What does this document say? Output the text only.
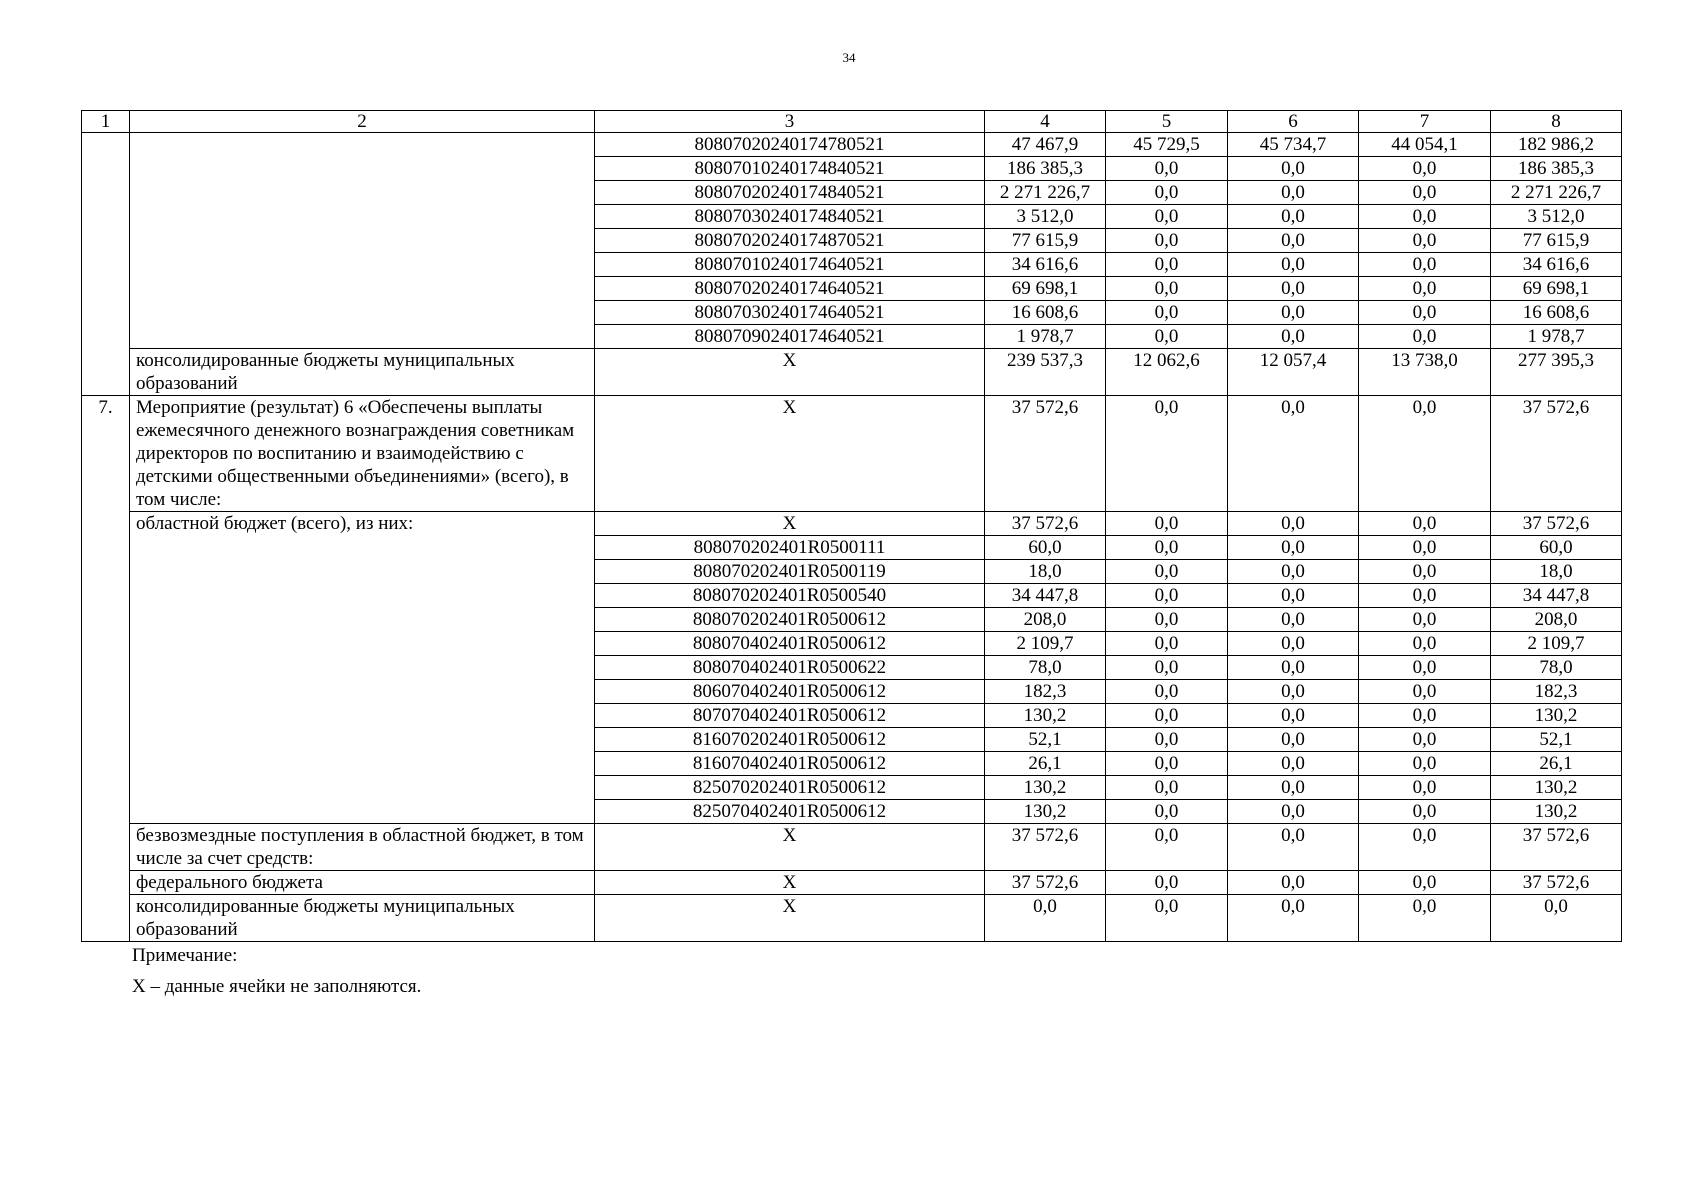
34
1	2	3	4	5	6	7	8
		80807020240174780521	47 467,9	45 729,5	45 734,7	44 054,1	182 986,2
		80807010240174840521	186 385,3	0,0	0,0	0,0	186 385,3
		80807020240174840521	2 271 226,7	0,0	0,0	0,0	2 271 226,7
		80807030240174840521	3 512,0	0,0	0,0	0,0	3 512,0
		80807020240174870521	77 615,9	0,0	0,0	0,0	77 615,9
		80807010240174640521	34 616,6	0,0	0,0	0,0	34 616,6
		80807020240174640521	69 698,1	0,0	0,0	0,0	69 698,1
		80807030240174640521	16 608,6	0,0	0,0	0,0	16 608,6
		80807090240174640521	1 978,7	0,0	0,0	0,0	1 978,7
	консолидированные бюджеты муниципальных образований	X	239 537,3	12 062,6	12 057,4	13 738,0	277 395,3
7.	Мероприятие (результат) 6 «Обеспечены выплаты ежемесячного денежного вознаграждения советникам директоров по воспитанию и взаимодействию с детскими общественными объединениями» (всего), в том числе:	X	37 572,6	0,0	0,0	0,0	37 572,6
	областной бюджет (всего), из них:	X	37 572,6	0,0	0,0	0,0	37 572,6
		808070202401R0500111	60,0	0,0	0,0	0,0	60,0
		808070202401R0500119	18,0	0,0	0,0	0,0	18,0
		808070202401R0500540	34 447,8	0,0	0,0	0,0	34 447,8
		808070202401R0500612	208,0	0,0	0,0	0,0	208,0
		808070402401R0500612	2 109,7	0,0	0,0	0,0	2 109,7
		808070402401R0500622	78,0	0,0	0,0	0,0	78,0
		806070402401R0500612	182,3	0,0	0,0	0,0	182,3
		807070402401R0500612	130,2	0,0	0,0	0,0	130,2
		816070202401R0500612	52,1	0,0	0,0	0,0	52,1
		816070402401R0500612	26,1	0,0	0,0	0,0	26,1
		825070202401R0500612	130,2	0,0	0,0	0,0	130,2
		825070402401R0500612	130,2	0,0	0,0	0,0	130,2
	безвозмездные поступления в областной бюджет, в том числе за счет средств:	X	37 572,6	0,0	0,0	0,0	37 572,6
	федерального бюджета	X	37 572,6	0,0	0,0	0,0	37 572,6
	консолидированные бюджеты муниципальных образований	X	0,0	0,0	0,0	0,0	0,0
Примечание:
X – данные ячейки не заполняются.
